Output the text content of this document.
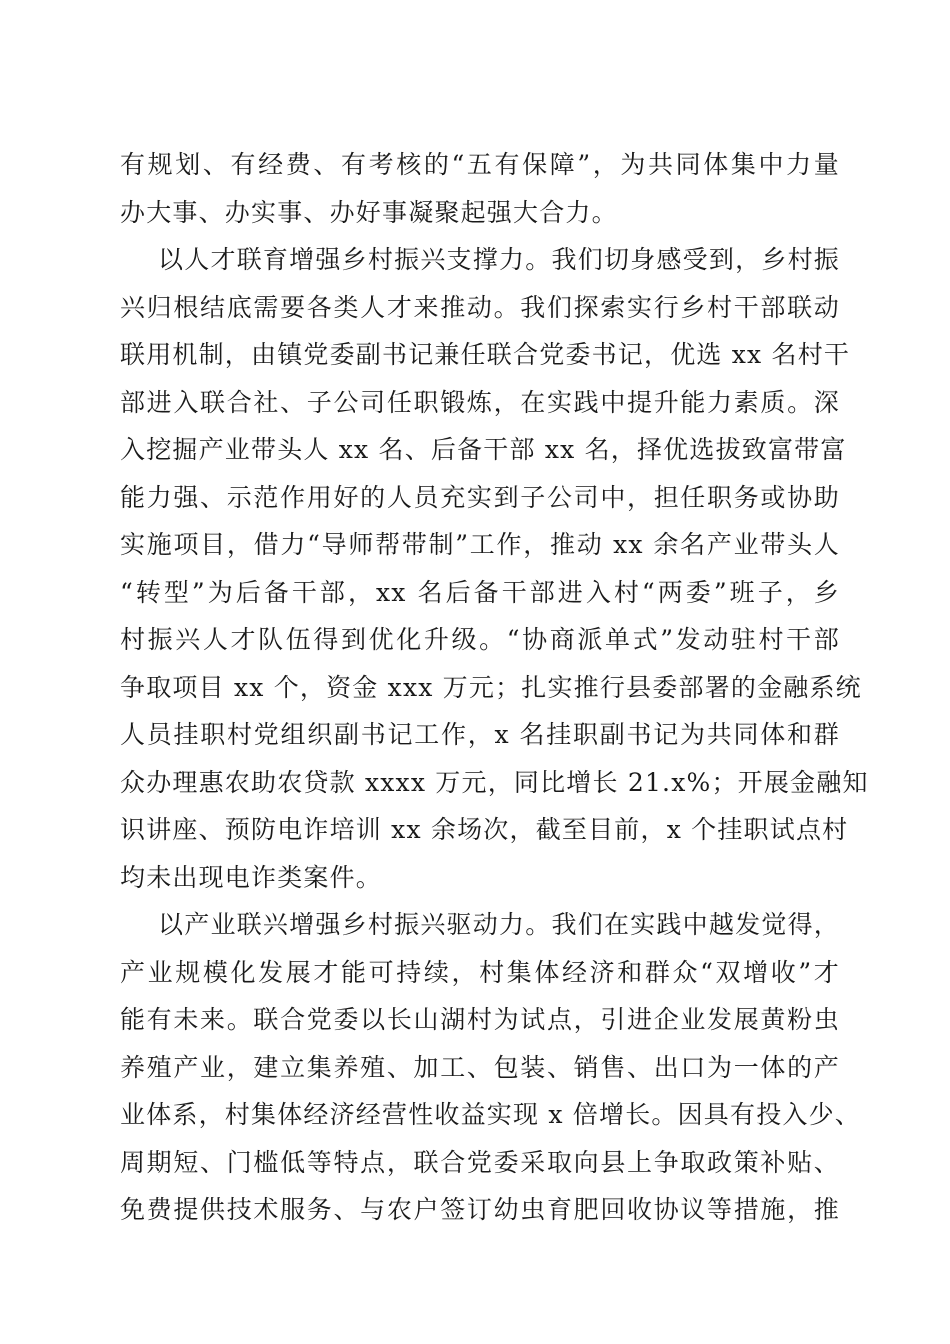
有规划、有经费、有考核的“五有保障”，为共同体集中力量
办大事、办实事、办好事凝聚起强大合力。
以人才联育增强乡村振兴支撑力。我们切身感受到，乡村振
兴归根结底需要各类人才来推动。我们探索实行乡村干部联动
联用机制，由镇党委副书记兼任联合党委书记，优选 xx 名村干
部进入联合社、子公司任职锻炼，在实践中提升能力素质。深
入挖掘产业带头人 xx 名、后备干部 xx 名，择优选拔致富带富
能力强、示范作用好的人员充实到子公司中，担任职务或协助
实施项目，借力“导师帮带制”工作，推动 xx 余名产业带头人
“转型”为后备干部，xx 名后备干部进入村“两委”班子，乡
村振兴人才队伍得到优化升级。“协商派单式”发动驻村干部
争取项目 xx 个，资金 xxx 万元；扎实推行县委部署的金融系统
人员挂职村党组织副书记工作，x 名挂职副书记为共同体和群
众办理惠农助农贷款 xxxx 万元，同比增长 21.x%；开展金融知
识讲座、预防电诈培训 xx 余场次，截至目前，x 个挂职试点村
均未出现电诈类案件。
以产业联兴增强乡村振兴驱动力。我们在实践中越发觉得，
产业规模化发展才能可持续，村集体经济和群众“双增收”才
能有未来。联合党委以长山湖村为试点，引进企业发展黄粉虫
养殖产业，建立集养殖、加工、包装、销售、出口为一体的产
业体系，村集体经济经营性收益实现 x 倍增长。因具有投入少、
周期短、门槛低等特点，联合党委采取向县上争取政策补贴、
免费提供技术服务、与农户签订幼虫育肥回收协议等措施，推
